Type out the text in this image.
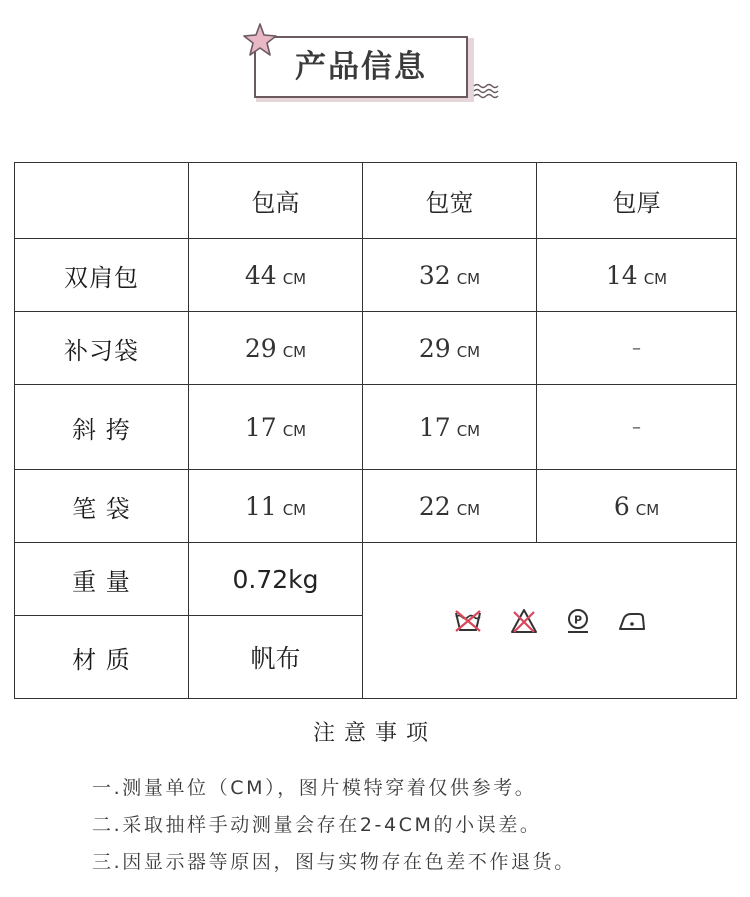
产品信息
	包高	包宽	包厚
双肩包	44 CM	32 CM	14 CM
补习袋	29 CM	29 CM	–
斜 挎	17 CM	17 CM	–
笔 袋	11 CM	22 CM	6 CM
重 量	0.72kg	P	

材 质	帆布		
注意事项
一.测量单位（CM），图片模特穿着仅供参考。
二.采取抽样手动测量会存在2-4CM的小误差。
三.因显示器等原因，图与实物存在色差不作退货。
